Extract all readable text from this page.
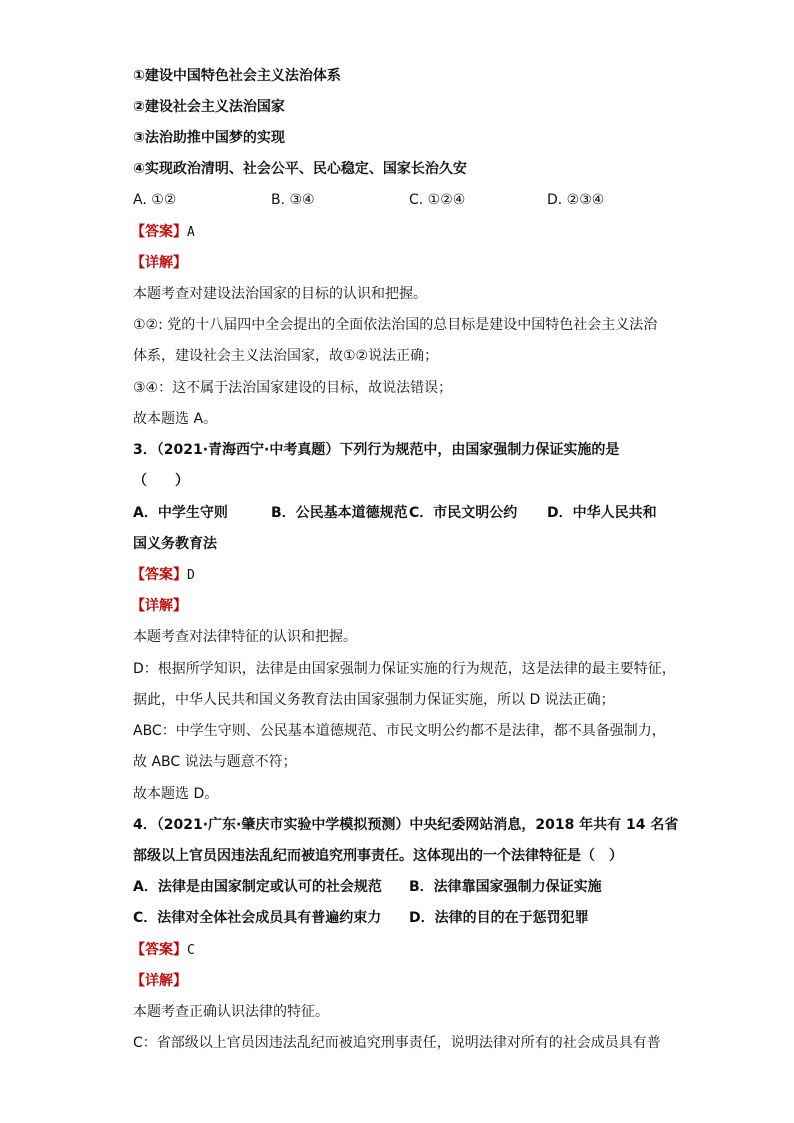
①建设中国特色社会主义法治体系
②建设社会主义法治国家
③法治助推中国梦的实现
④实现政治清明、社会公平、民心稳定、国家长治久安
A. ①②	B. ③④	C. ①②④	D. ②③④
【答案】A
【详解】
本题考查对建设法治国家的目标的认识和把握。
①②: 党的十八届四中全会提出的全面依法治国的总目标是建设中国特色社会主义法治
体系，建设社会主义法治国家，故①②说法正确；
③④：这不属于法治国家建设的目标，故说法错误；
故本题选 A。
3．（2021·青海西宁·中考真题）下列行为规范中，由国家强制力保证实施的是
（　　）
A．中学生守则	B．公民基本道德规范 C．市民文明公约 D．中华人民共和
国义务教育法
【答案】D
【详解】
本题考查对法律特征的认识和把握。
D：根据所学知识，法律是由国家强制力保证实施的行为规范，这是法律的最主要特征，
据此，中华人民共和国义务教育法由国家强制力保证实施，所以 D 说法正确；
ABC：中学生守则、公民基本道德规范、市民文明公约都不是法律，都不具备强制力，
故 ABC 说法与题意不符；
故本题选 D。
4．（2021·广东·肇庆市实验中学模拟预测）中央纪委网站消息，2018 年共有 14 名省
部级以上官员因违法乱纪而被追究刑事责任。这体现出的一个法律特征是（　）
A．法律是由国家制定或认可的社会规范 B．法律靠国家强制力保证实施
C．法律对全体社会成员具有普遍约束力 D．法律的目的在于惩罚犯罪
【答案】C
【详解】
本题考查正确认识法律的特征。
C：省部级以上官员因违法乱纪而被追究刑事责任，说明法律对所有的社会成员具有普
